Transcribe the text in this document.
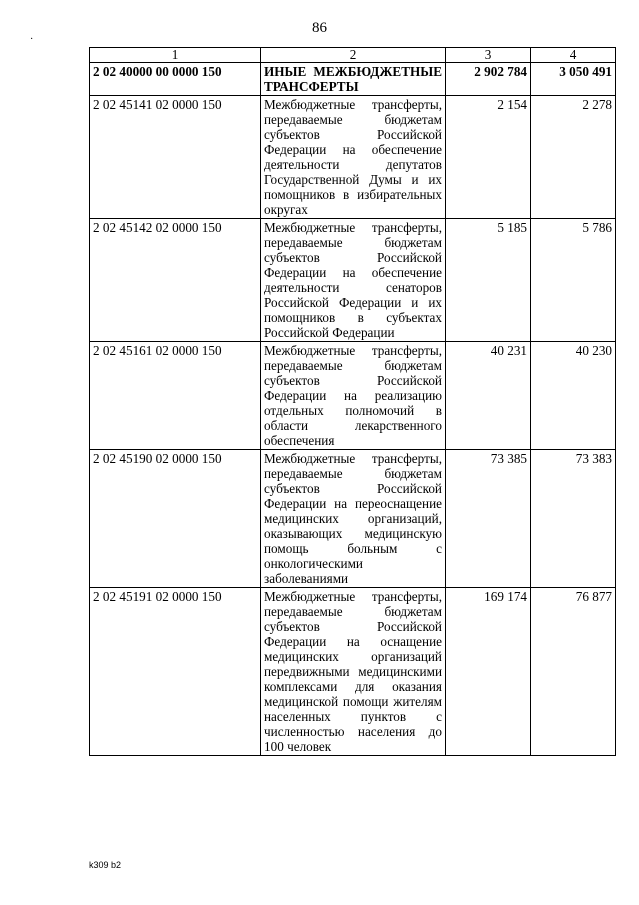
86
·
1	2	3	4
2 02 40000 00 0000 150	ИНЫЕ МЕЖБЮДЖЕТНЫЕ ТРАНСФЕРТЫ	2 902 784	3 050 491
2 02 45141 02 0000 150	Межбюджетные трансферты, передаваемые бюджетам субъектов Российской Федерации на обеспечение деятельности депутатов Государственной Думы и их помощников в избирательных округах	2 154	2 278
2 02 45142 02 0000 150	Межбюджетные трансферты, передаваемые бюджетам субъектов Российской Федерации на обеспечение деятельности сенаторов Российской Федерации и их помощников в субъектах Российской Федерации	5 185	5 786
2 02 45161 02 0000 150	Межбюджетные трансферты, передаваемые бюджетам субъектов Российской Федерации на реализацию отдельных полномочий в области лекарственного обеспечения	40 231	40 230
2 02 45190 02 0000 150	Межбюджетные трансферты, передаваемые бюджетам субъектов Российской Федерации на переоснащение медицинских организаций, оказывающих медицинскую помощь больным с онкологическими заболеваниями	73 385	73 383
2 02 45191 02 0000 150	Межбюджетные трансферты, передаваемые бюджетам субъектов Российской Федерации на оснащение медицинских организаций передвижными медицинскими комплексами для оказания медицинской помощи жителям населенных пунктов с численностью населения до 100 человек	169 174	76 877
k309 b2
